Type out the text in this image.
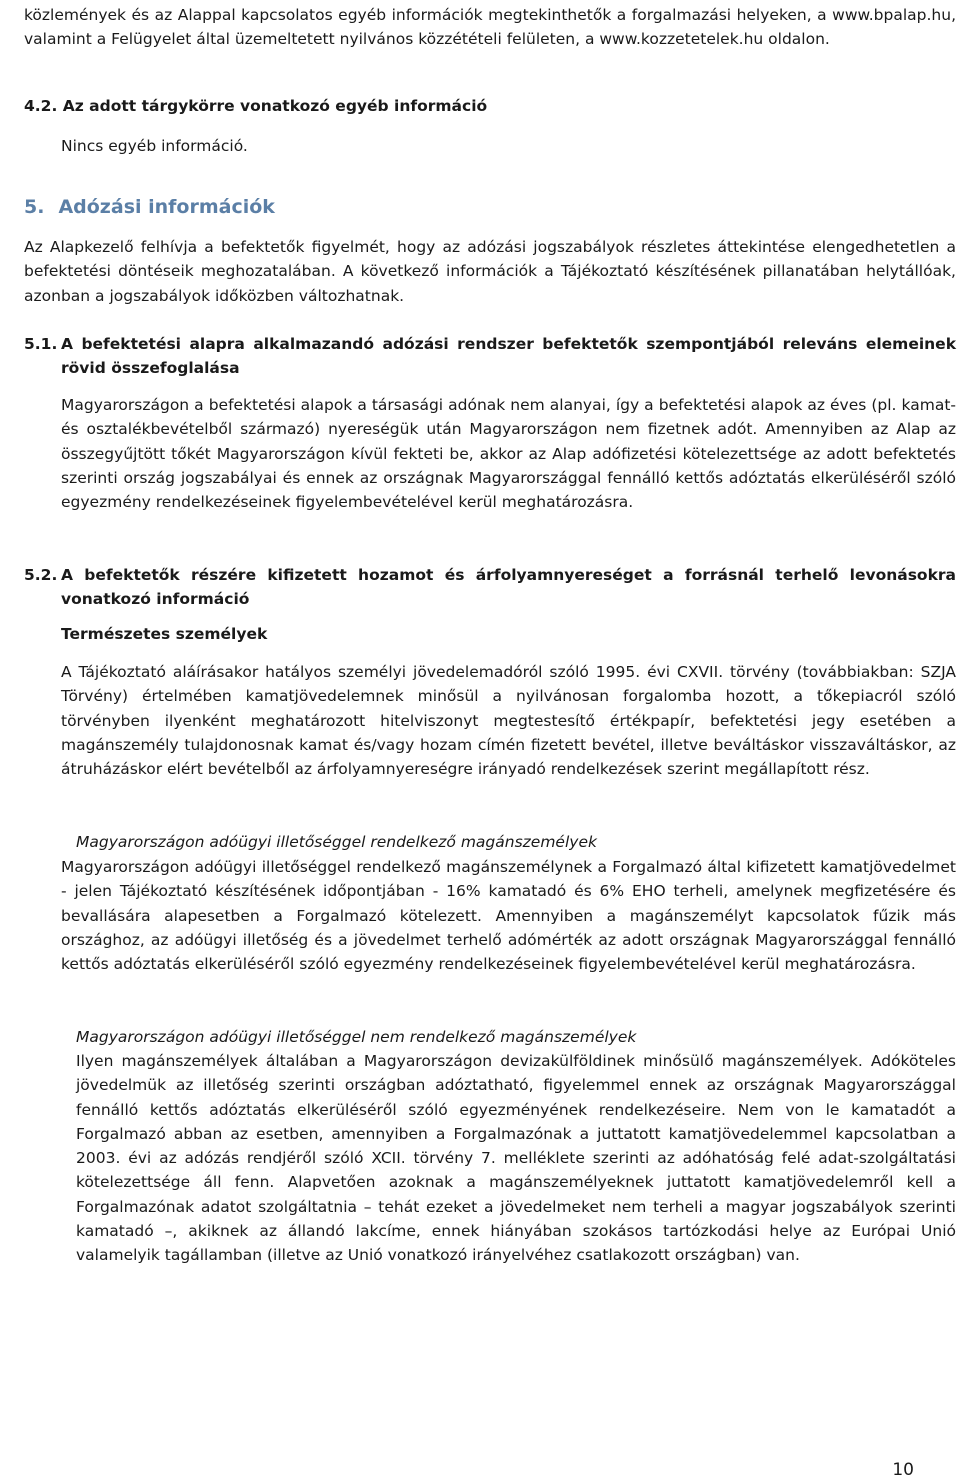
közlemények és az Alappal kapcsolatos egyéb információk megtekinthetők a forgalmazási helyeken, a www.bpalap.hu, valamint a Felügyelet által üzemeltetett nyilvános közzétételi felületen, a www.kozzetetelek.hu oldalon.

4.2. Az adott tárgykörre vonatkozó egyéb információ

Nincs egyéb információ.

5. Adózási információk

Az Alapkezelő felhívja a befektetők figyelmét, hogy az adózási jogszabályok részletes áttekintése elengedhetetlen a befektetési döntéseik meghozatalában. A következő információk a Tájékoztató készítésének pillanatában helytállóak, azonban a jogszabályok időközben változhatnak.

5.1. A befektetési alapra alkalmazandó adózási rendszer befektetők szempontjából releváns elemeinek rövid összefoglalása

Magyarországon a befektetési alapok a társasági adónak nem alanyai, így a befektetési alapok az éves (pl. kamat-és osztalékbevételből származó) nyereségük után Magyarországon nem fizetnek adót. Amennyiben az Alap az összegyűjtött tőkét Magyarországon kívül fekteti be, akkor az Alap adófizetési kötelezettsége az adott befektetés szerinti ország jogszabályai és ennek az országnak Magyarországgal fennálló kettős adóztatás elkerüléséről szóló egyezmény rendelkezéseinek figyelembevételével kerül meghatározásra.

5.2. A befektetők részére kifizetett hozamot és árfolyamnyereséget a forrásnál terhelő levonásokra vonatkozó információ

Természetes személyek

A Tájékoztató aláírásakor hatályos személyi jövedelemadóról szóló 1995. évi CXVII. törvény (továbbiakban: SZJA Törvény) értelmében kamatjövedelemnek minősül a nyilvánosan forgalomba hozott, a tőkepiacról szóló törvényben ilyenként meghatározott hitelviszonyt megtestesítő értékpapír, befektetési jegy esetében a magánszemély tulajdonosnak kamat és/vagy hozam címén fizetett bevétel, illetve beváltáskor visszaváltáskor, az átruházáskor elért bevételből az árfolyamnyereségre irányadó rendelkezések szerint megállapított rész.

Magyarországon adóügyi illetőséggel rendelkező magánszemélyek

Magyarországon adóügyi illetőséggel rendelkező magánszemélynek a Forgalmazó által kifizetett kamatjövedelmet - jelen Tájékoztató készítésének időpontjában - 16% kamatadó és 6% EHO terheli, amelynek megfizetésére és bevallására alapesetben a Forgalmazó kötelezett. Amennyiben a magánszemélyt kapcsolatok fűzik más országhoz, az adóügyi illetőség és a jövedelmet terhelő adómérték az adott országnak Magyarországgal fennálló kettős adóztatás elkerüléséről szóló egyezmény rendelkezéseinek figyelembevételével kerül meghatározásra.

Magyarországon adóügyi illetőséggel nem rendelkező magánszemélyek

Ilyen magánszemélyek általában a Magyarországon devizakülföldinek minősülő magánszemélyek. Adóköteles jövedelmük az illetőség szerinti országban adóztatható, figyelemmel ennek az országnak Magyarországgal fennálló kettős adóztatás elkerüléséről szóló egyezményének rendelkezéseire. Nem von le kamatadót a Forgalmazó abban az esetben, amennyiben a Forgalmazónak a juttatott kamatjövedelemmel kapcsolatban a 2003. évi az adózás rendjéről szóló XCII. törvény 7. melléklete szerinti az adóhatóság felé adat-szolgáltatási kötelezettsége áll fenn. Alapvetően azoknak a magánszemélyeknek juttatott kamatjövedelemről kell a Forgalmazónak adatot szolgáltatnia – tehát ezeket a jövedelmeket nem terheli a magyar jogszabályok szerinti kamatadó –, akiknek az állandó lakcíme, ennek hiányában szokásos tartózkodási helye az Európai Unió valamelyik tagállamban (illetve az Unió vonatkozó irányelvéhez csatlakozott országban) van.

10
